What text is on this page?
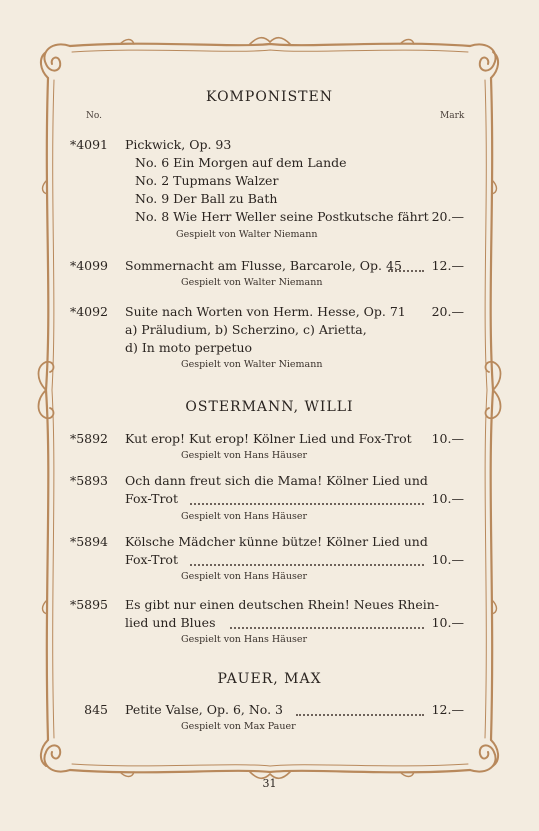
KOMPONISTEN
No.	Mark
*4091 Pickwick, Op. 93
No. 6 Ein Morgen auf dem Lande
No. 2 Tupmans Walzer
No. 9 Der Ball zu Bath
No. 8 Wie Herr Weller seine Postkutsche fährt 20.—
Gespielt von Walter Niemann
*4099 Sommernacht am Flusse, Barcarole, Op. 45	12.—
Gespielt von Walter Niemann
*4092 Suite nach Worten von Herm. Hesse, Op. 71	20.—
a) Präludium, b) Scherzino, c) Arietta,
d) In moto perpetuo
Gespielt von Walter Niemann
OSTERMANN, WILLI
*5892 Kut erop! Kut erop! Kölner Lied und Fox-Trot	10.—
Gespielt von Hans Häuser
*5893 Och dann freut sich die Mama! Kölner Lied und
Fox-Trot	10.—
Gespielt von Hans Häuser
*5894 Kölsche Mädcher künne bütze! Kölner Lied und
Fox-Trot	10.—
Gespielt von Hans Häuser
*5895 Es gibt nur einen deutschen Rhein! Neues Rhein-
lied und Blues	10.—
Gespielt von Hans Häuser
PAUER, MAX
845 Petite Valse, Op. 6, No. 3	12.—
Gespielt von Max Pauer
31
